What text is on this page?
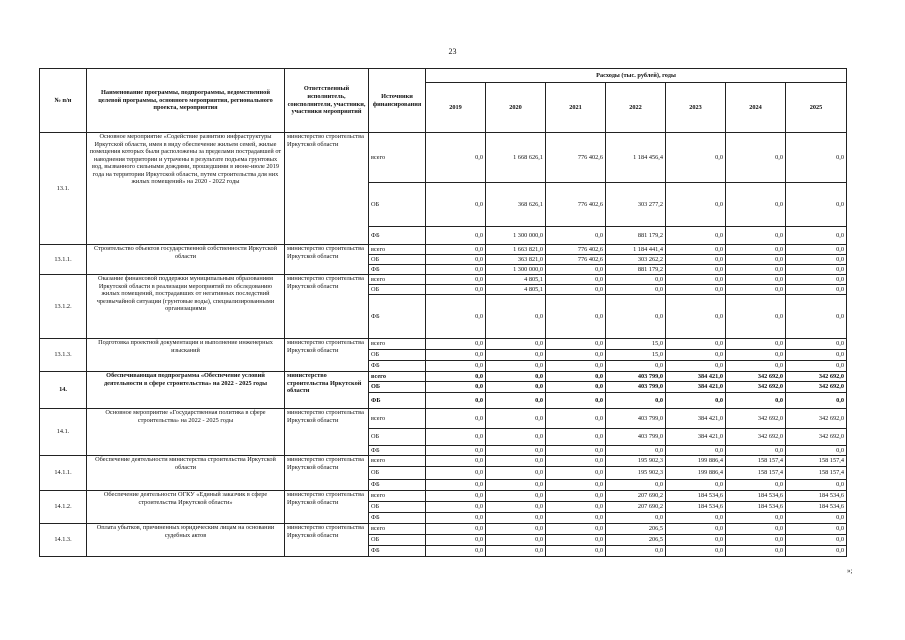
23
№ п/н	Наименование программы, подпрограммы, ведомственной целевой программы, основного мероприятия, регионального проекта, мероприятия	Ответственный исполнитель, соисполнители, участники, участники мероприятий	Источники финансирования	Расходы (тыс. рублей), годы						
				2019	2020	2021	2022	2023	2024	2025
13.1.	Основное мероприятие «Содействие развитию инфраструктуры Иркутской области, имея в виду обеспечение жильем семей, жилые помещения которых были расположены за пределами пострадавшей от наводнения территории и утрачены в результате подъема грунтовых вод, вызванного сильными дождями, прошедшими в июне-июле 2019 года на территории Иркутской области, путем строительства для них жилых помещений» на 2020 - 2022 годы	министерство строительства Иркутской области	всего	0,0	1 668 626,1	776 402,6	1 184 456,4	0,0	0,0	0,0
			ОБ	0,0	368 626,1	776 402,6	303 277,2	0,0	0,0	0,0
			ФБ	0,0	1 300 000,0	0,0	881 179,2	0,0	0,0	0,0
13.1.1.	Строительство объектов государственной собственности Иркутской области	министерство строительства Иркутской области	всего	0,0	1 663 821,0	776 402,6	1 184 441,4	0,0	0,0	0,0
			ОБ	0,0	363 821,0	776 402,6	303 262,2	0,0	0,0	0,0
			ФБ	0,0	1 300 000,0	0,0	881 179,2	0,0	0,0	0,0
13.1.2.	Оказание финансовой поддержки муниципальным образованиям Иркутской области в реализации мероприятий по обследованию жилых помещений, пострадавших от негативных последствий чрезвычайной ситуации (грунтовые воды), специализированными организациями	министерство строительства Иркутской области	всего	0,0	4 805,1	0,0	0,0	0,0	0,0	0,0
			ОБ	0,0	4 805,1	0,0	0,0	0,0	0,0	0,0
			ФБ	0,0	0,0	0,0	0,0	0,0	0,0	0,0
13.1.3.	Подготовка проектной документации и выполнение инженерных изысканий	министерство строительства Иркутской области	всего	0,0	0,0	0,0	15,0	0,0	0,0	0,0
			ОБ	0,0	0,0	0,0	15,0	0,0	0,0	0,0
			ФБ	0,0	0,0	0,0	0,0	0,0	0,0	0,0
14.	Обеспечивающая подпрограмма «Обеспечение условий деятельности в сфере строительства» на 2022 - 2025 годы	министерство строительства Иркутской области	всего	0,0	0,0	0,0	403 799,0	384 421,0	342 692,0	342 692,0
			ОБ	0,0	0,0	0,0	403 799,0	384 421,0	342 692,0	342 692,0
			ФБ	0,0	0,0	0,0	0,0	0,0	0,0	0,0
14.1.	Основное мероприятие «Государственная политика в сфере строительства» на 2022 - 2025 годы	министерство строительства Иркутской области	всего	0,0	0,0	0,0	403 799,0	384 421,0	342 692,0	342 692,0
			ОБ	0,0	0,0	0,0	403 799,0	384 421,0	342 692,0	342 692,0
			ФБ	0,0	0,0	0,0	0,0	0,0	0,0	0,0
14.1.1.	Обеспечение деятельности министерства строительства Иркутской области	министерство строительства Иркутской области	всего	0,0	0,0	0,0	195 902,3	199 886,4	158 157,4	158 157,4
			ОБ	0,0	0,0	0,0	195 902,3	199 886,4	158 157,4	158 157,4
			ФБ	0,0	0,0	0,0	0,0	0,0	0,0	0,0
14.1.2.	Обеспечение деятельности ОГКУ «Единый заказчик в сфере строительства Иркутской области»	министерство строительства Иркутской области	всего	0,0	0,0	0,0	207 690,2	184 534,6	184 534,6	184 534,6
			ОБ	0,0	0,0	0,0	207 690,2	184 534,6	184 534,6	184 534,6
			ФБ	0,0	0,0	0,0	0,0	0,0	0,0	0,0
14.1.3.	Оплата убытков, причиненных юридическим лицам на основании судебных актов	министерство строительства Иркутской области	всего	0,0	0,0	0,0	206,5	0,0	0,0	0,0
			ОБ	0,0	0,0	0,0	206,5	0,0	0,0	0,0
			ФБ	0,0	0,0	0,0	0,0	0,0	0,0	0,0
»;
